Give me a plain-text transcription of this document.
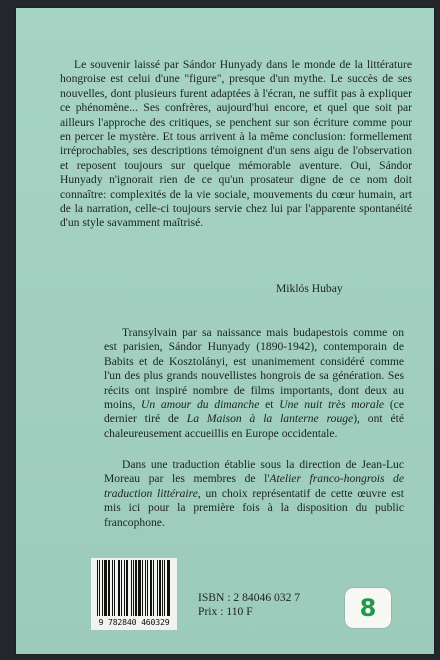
Le souvenir laissé par Sándor Hunyady dans le monde de la littérature hongroise est celui d'une "figure", presque d'un mythe. Le succès de ses nouvelles, dont plusieurs furent adaptées à l'écran, ne suffit pas à expliquer ce phénomène... Ses confrères, aujourd'hui encore, et quel que soit par ailleurs l'approche des critiques, se penchent sur son écriture comme pour en percer le mystère. Et tous arrivent à la même conclusion: formellement irréprochables, ses descriptions témoignent d'un sens aigu de l'observation et reposent toujours sur quelque mémorable aventure. Oui, Sándor Hunyady n'ignorait rien de ce qu'un prosateur digne de ce nom doit connaître: complexités de la vie sociale, mouvements du cœur humain, art de la narration, celle-ci toujours servie chez lui par l'apparente spontanéité d'un style savamment maîtrisé.

Miklós Hubay

Transylvain par sa naissance mais budapestois comme on est parisien, Sándor Hunyady (1890-1942), contemporain de Babits et de Kosztolányi, est unanimement considéré comme l'un des plus grands nouvellistes hongrois de sa génération. Ses récits ont inspiré nombre de films importants, dont deux au moins, Un amour du dimanche et Une nuit très morale (ce dernier tiré de La Maison à la lanterne rouge), ont été chaleureusement accueillis en Europe occidentale.

Dans une traduction établie sous la direction de Jean-Luc Moreau par les membres de l'Atelier franco-hongrois de traduction littéraire, un choix représentatif de cette œuvre est mis ici pour la première fois à la disposition du public francophone.

9 782840 460329
ISBN : 2 84046 032 7
Prix : 110 F	8
